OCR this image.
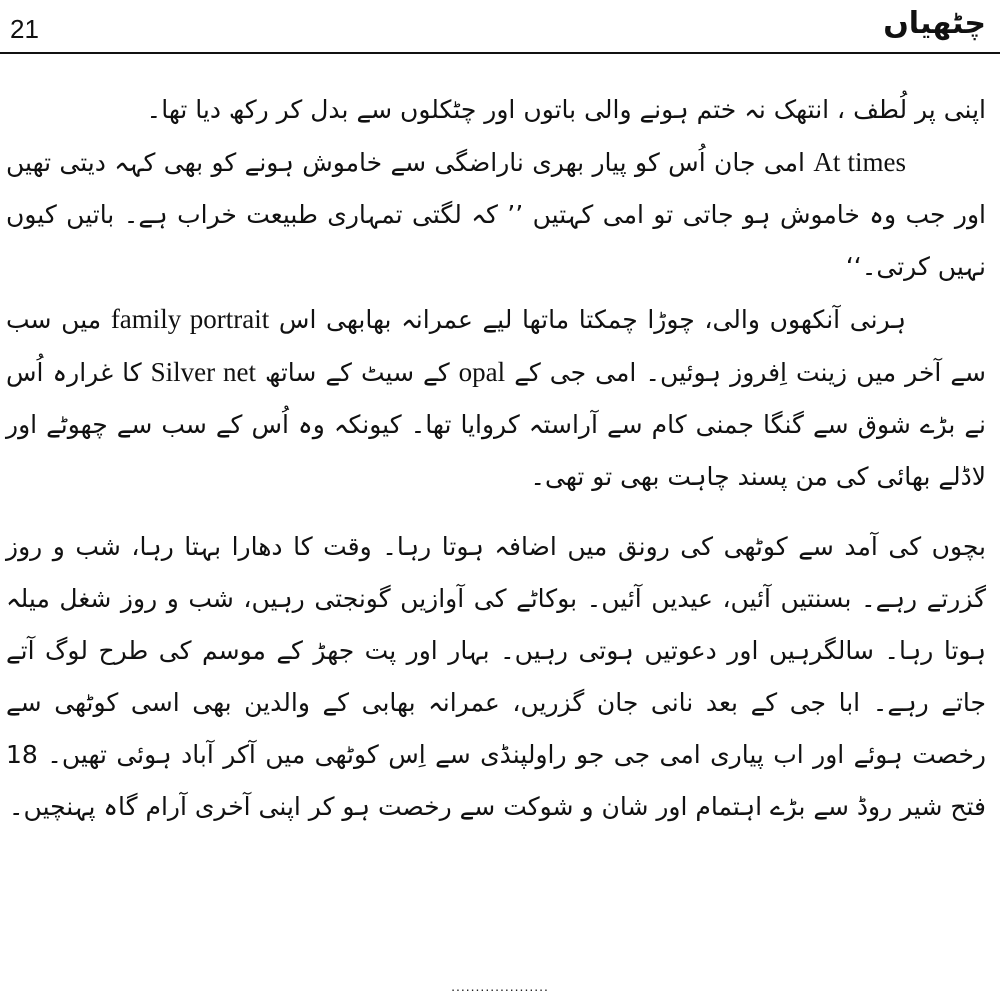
21	چٹھیاں

اپنی پر لُطف ، انتھک نہ ختم ہونے والی باتوں اور چٹکلوں سے بدل کر رکھ دیا تھا۔

At times امی جان اُس کو پیار بھری ناراضگی سے خاموش ہونے کو بھی کہہ دیتی تھیں اور جب وہ خاموش ہو جاتی تو امی کہتیں ’’ کہ لگتی تمہاری طبیعت خراب ہے۔ باتیں کیوں نہیں کرتی۔‘‘

ہرنی آنکھوں والی، چوڑا چمکتا ماتھا لیے عمرانہ بھابھی اس family portrait میں سب سے آخر میں زینت اِفروز ہوئیں۔ امی جی کے opal کے سیٹ کے ساتھ Silver net کا غرارہ اُس نے بڑے شوق سے گنگا جمنی کام سے آراستہ کروایا تھا۔ کیونکہ وہ اُس کے سب سے چھوٹے اور لاڈلے بھائی کی من پسند چاہت بھی تو تھی۔

بچوں کی آمد سے کوٹھی کی رونق میں اضافہ ہوتا رہا۔ وقت کا دھارا بہتا رہا، شب و روز گزرتے رہے۔ بسنتیں آئیں، عیدیں آئیں۔ بوکاٹے کی آوازیں گونجتی رہیں، شب و روز شغل میلہ ہوتا رہا۔ سالگرہیں اور دعوتیں ہوتی رہیں۔ بہار اور پت جھڑ کے موسم کی طرح لوگ آتے جاتے رہے۔ ابا جی کے بعد نانی جان گزریں، عمرانہ بھابی کے والدین بھی اسی کوٹھی سے رخصت ہوئے اور اب پیاری امی جی جو راولپنڈی سے اِس کوٹھی میں آکر آباد ہوئی تھیں۔ 18 فتح شیر روڈ سے بڑے اہتمام اور شان و شوکت سے رخصت ہو کر اپنی آخری آرام گاہ پہنچیں۔

....................
